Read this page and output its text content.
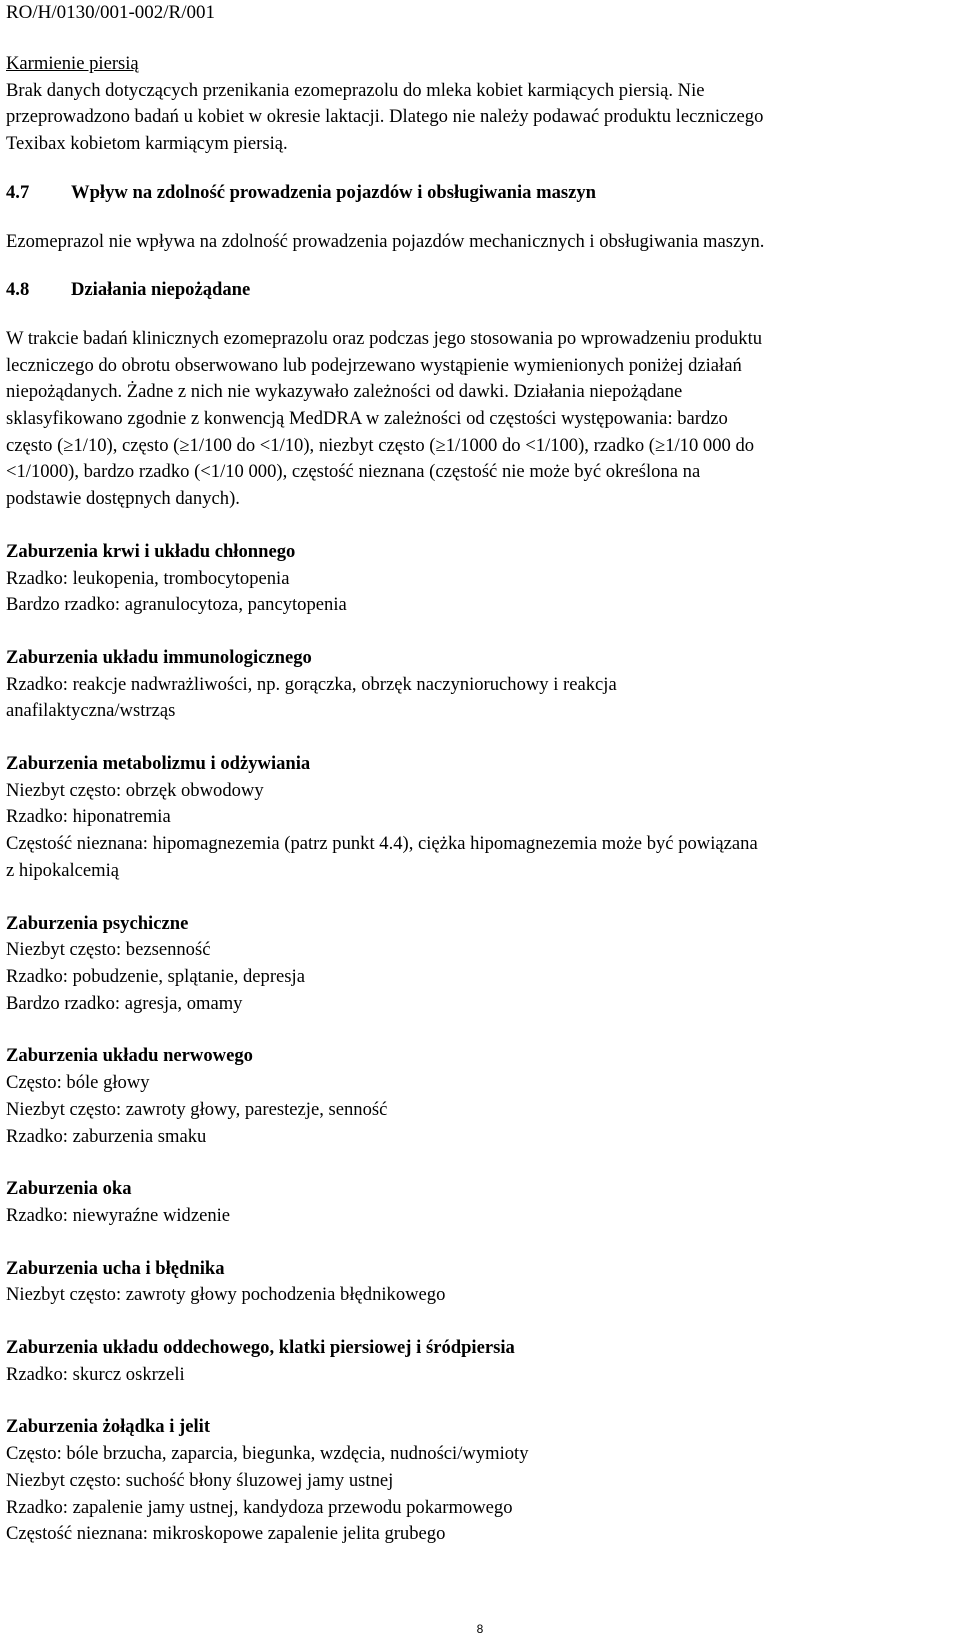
RO/H/0130/001-002/R/001

Karmienie piersią

Brak danych dotyczących przenikania ezomeprazolu do mleka kobiet karmiących piersią. Nie

przeprowadzono badań u kobiet w okresie laktacji. Dlatego nie należy podawać produktu leczniczego

Texibax kobietom karmiącym piersią.

4.7	Wpływ na zdolność prowadzenia pojazdów i obsługiwania maszyn

Ezomeprazol nie wpływa na zdolność prowadzenia pojazdów mechanicznych i obsługiwania maszyn.

4.8	Działania niepożądane

W trakcie badań klinicznych ezomeprazolu oraz podczas jego stosowania po wprowadzeniu produktu

leczniczego do obrotu obserwowano lub podejrzewano wystąpienie wymienionych poniżej działań

niepożądanych. Żadne z nich nie wykazywało zależności od dawki. Działania niepożądane

sklasyfikowano zgodnie z konwencją MedDRA w zależności od częstości występowania: bardzo

często (≥1/10), często (≥1/100 do <1/10), niezbyt często (≥1/1000 do <1/100), rzadko (≥1/10 000 do

<1/1000), bardzo rzadko (<1/10 000), częstość nieznana (częstość nie może być określona na

podstawie dostępnych danych).

Zaburzenia krwi i układu chłonnego

Rzadko: leukopenia, trombocytopenia

Bardzo rzadko: agranulocytoza, pancytopenia

Zaburzenia układu immunologicznego

Rzadko: reakcje nadwrażliwości, np. gorączka, obrzęk naczynioruchowy i reakcja

anafilaktyczna/wstrząs

Zaburzenia metabolizmu i odżywiania

Niezbyt często: obrzęk obwodowy

Rzadko: hiponatremia

Częstość nieznana: hipomagnezemia (patrz punkt 4.4), ciężka hipomagnezemia może być powiązana

z hipokalcemią

Zaburzenia psychiczne

Niezbyt często: bezsenność

Rzadko: pobudzenie, splątanie, depresja

Bardzo rzadko: agresja, omamy

Zaburzenia układu nerwowego

Często: bóle głowy

Niezbyt często: zawroty głowy, parestezje, senność

Rzadko: zaburzenia smaku

Zaburzenia oka

Rzadko: niewyraźne widzenie

Zaburzenia ucha i błędnika

Niezbyt często: zawroty głowy pochodzenia błędnikowego

Zaburzenia układu oddechowego, klatki piersiowej i śródpiersia

Rzadko: skurcz oskrzeli

Zaburzenia żołądka i jelit

Często: bóle brzucha, zaparcia, biegunka, wzdęcia, nudności/wymioty

Niezbyt często: suchość błony śluzowej jamy ustnej

Rzadko: zapalenie jamy ustnej, kandydoza przewodu pokarmowego

Częstość nieznana: mikroskopowe zapalenie jelita grubego

8
